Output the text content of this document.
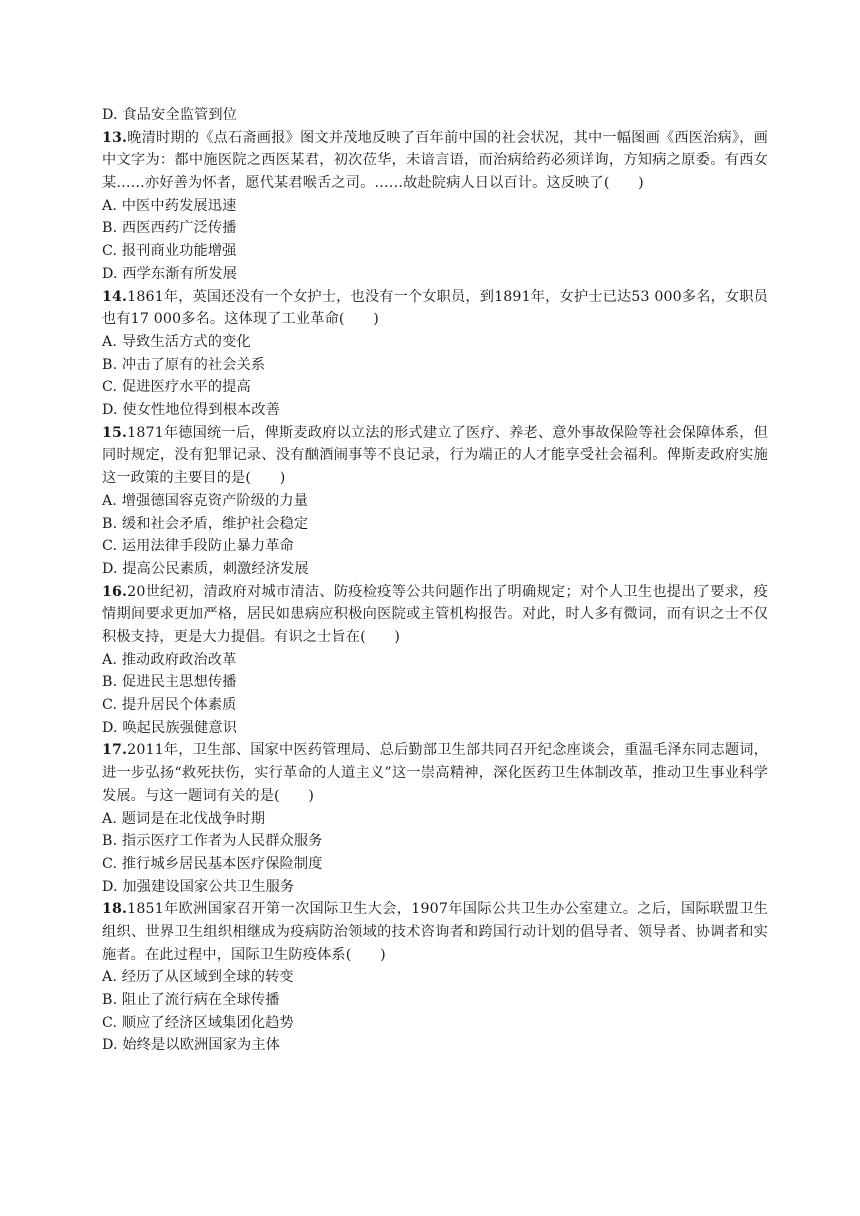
D. 食品安全监管到位
13.晚清时期的《点石斋画报》图文并茂地反映了百年前中国的社会状况，其中一幅图画《西医治病》，画中文字为：都中施医院之西医某君，初次莅华，未谙言语，而治病给药必须详询，方知病之原委。有西女某……亦好善为怀者，愿代某君喉舌之司。……故赴院病人日以百计。这反映了(　　)
A. 中医中药发展迅速
B. 西医西药广泛传播
C. 报刊商业功能增强
D. 西学东渐有所发展
14.1861年，英国还没有一个女护士，也没有一个女职员，到1891年，女护士已达53 000多名，女职员也有17 000多名。这体现了工业革命(　　)
A. 导致生活方式的变化
B. 冲击了原有的社会关系
C. 促进医疗水平的提高
D. 使女性地位得到根本改善
15.1871年德国统一后，俾斯麦政府以立法的形式建立了医疗、养老、意外事故保险等社会保障体系，但同时规定，没有犯罪记录、没有酗酒闹事等不良记录，行为端正的人才能享受社会福利。俾斯麦政府实施这一政策的主要目的是(　　)
A. 增强德国容克资产阶级的力量
B. 缓和社会矛盾，维护社会稳定
C. 运用法律手段防止暴力革命
D. 提高公民素质，刺激经济发展
16.20世纪初，清政府对城市清洁、防疫检疫等公共问题作出了明确规定；对个人卫生也提出了要求，疫情期间要求更加严格，居民如患病应积极向医院或主管机构报告。对此，时人多有微词，而有识之士不仅积极支持，更是大力提倡。有识之士旨在(　　)
A. 推动政府政治改革
B. 促进民主思想传播
C. 提升居民个体素质
D. 唤起民族强健意识
17.2011年，卫生部、国家中医药管理局、总后勤部卫生部共同召开纪念座谈会，重温毛泽东同志题词，进一步弘扬“救死扶伤，实行革命的人道主义”这一崇高精神，深化医药卫生体制改革，推动卫生事业科学发展。与这一题词有关的是(　　)
A. 题词是在北伐战争时期
B. 指示医疗工作者为人民群众服务
C. 推行城乡居民基本医疗保险制度
D. 加强建设国家公共卫生服务
18.1851年欧洲国家召开第一次国际卫生大会，1907年国际公共卫生办公室建立。之后，国际联盟卫生组织、世界卫生组织相继成为疫病防治领域的技术咨询者和跨国行动计划的倡导者、领导者、协调者和实施者。在此过程中，国际卫生防疫体系(　　)
A. 经历了从区域到全球的转变
B. 阻止了流行病在全球传播
C. 顺应了经济区域集团化趋势
D. 始终是以欧洲国家为主体
